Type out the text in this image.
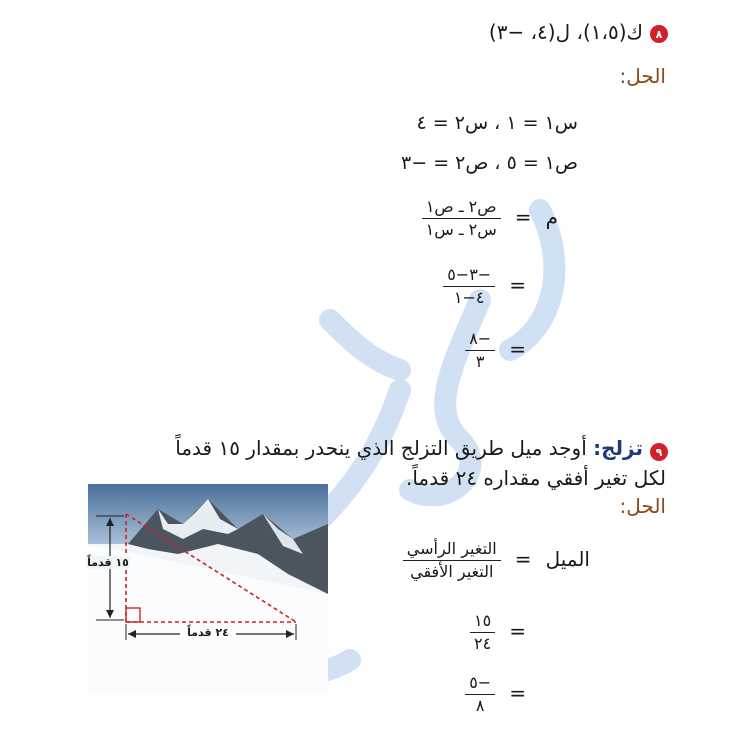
٨
ك(١،٥)، ل(٤، −٣)
الحل:
س١ = ١ ، س٢ = ٤
ص١ = ٥ ، ص٢ = −٣
م =
$\frac{\text{ص٢ ـ ص١}}{\text{س٢ ـ س١}}$
=
$\frac{-٣-٥}{٤-١}$
=
$\frac{-٨}{٣}$
٩
تزلج: أوجد ميل طريق التزلج الذي ينحدر بمقدار ١٥ قدماً
لكل تغير أفقي مقداره ٢٤ قدماً.
الحل:
١٥ قدماً
٢٤ قدماً
الميل =
$\frac{\text{التغير الرأسي}}{\text{التغير الأفقي}}$
=
$\frac{١٥}{٢٤}$
=
$\frac{-٥}{٨}$
